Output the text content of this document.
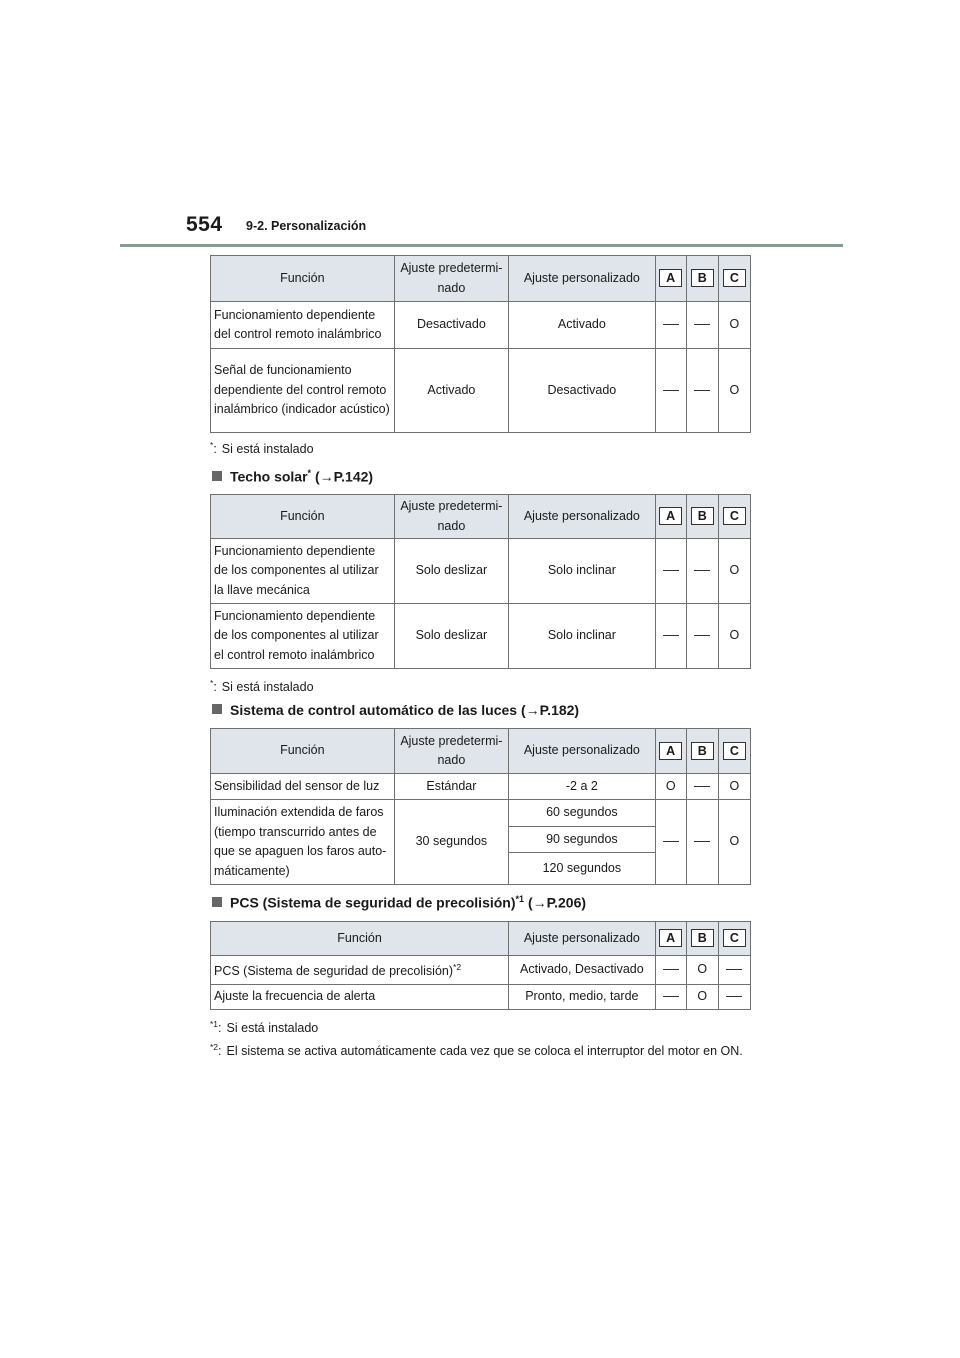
554 9-2. Personalización
Función	Ajuste predetermi-nado	Ajuste personalizado	A	B	C
Funcionamiento dependiente del control remoto inalámbrico	Desactivado	Activado			O
Señal de funcionamiento dependiente del control remoto inalámbrico (indicador acústico)	Activado	Desactivado			O
*: Si está instalado
Techo solar* (→P.142)
Función	Ajuste predetermi-nado	Ajuste personalizado	A	B	C
Funcionamiento dependiente de los componentes al utilizar la llave mecánica	Solo deslizar	Solo inclinar			O
Funcionamiento dependiente de los componentes al utilizar el control remoto inalámbrico	Solo deslizar	Solo inclinar			O
*: Si está instalado
Sistema de control automático de las luces (→P.182)
Función	Ajuste predetermi-nado	Ajuste personalizado	A	B	C
Sensibilidad del sensor de luz	Estándar	-2 a 2	O		O
Iluminación extendida de faros (tiempo transcurrido antes de que se apaguen los faros auto-máticamente)	30 segundos	60 segundos			O
		90 segundos			
		120 segundos			
PCS (Sistema de seguridad de precolisión)$^{*1}$ (→P.206)
Función	Ajuste personalizado	A	B	C
PCS (Sistema de seguridad de precolisión)$^{*2}$	Activado, Desactivado		O	
Ajuste la frecuencia de alerta	Pronto, medio, tarde		O	
$^{*1}$: Si está instalado
$^{*2}$: El sistema se activa automáticamente cada vez que se coloca el interruptor del motor en ON.
